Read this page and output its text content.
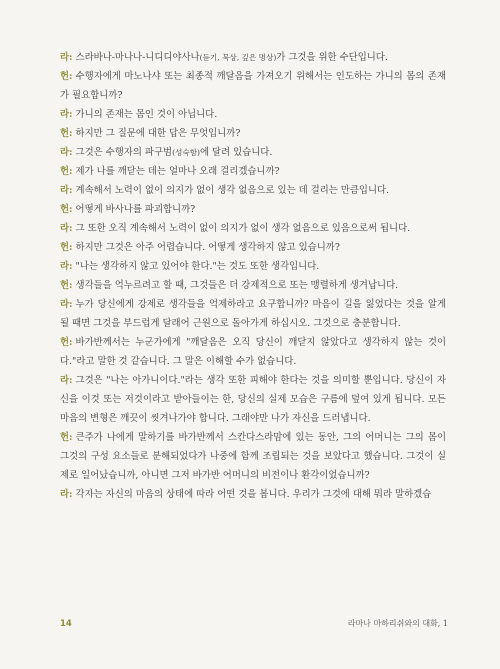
라: 스라바나-마나나-니디디야사나(듣기, 묵상, 깊은 명상)가 그것을 위한 수단입니다.

헌: 수행자에게 마노나샤 또는 최종적 깨달음을 가져오기 위해서는 인도하는 가니의 몸의 존재가 필요합니까?

라: 가니의 존재는 몸인 것이 아닙니다.

헌: 하지만 그 질문에 대한 답은 무엇입니까?

라: 그것은 수행자의 파구범(성숙함)에 달려 있습니다.

헌: 제가 나를 깨닫는 데는 얼마나 오래 걸리겠습니까?

라: 계속해서 노력이 없이 의지가 없이 생각 없음으로 있는 데 걸리는 만큼입니다.

헌: 어떻게 바사나를 파괴합니까?

라: 그 또한 오직 계속해서 노력이 없이 의지가 없이 생각 없음으로 있음으로써 됩니다.

헌: 하지만 그것은 아주 어렵습니다. 어떻게 생각하지 않고 있습니까?

라: "나는 생각하지 않고 있어야 한다."는 것도 또한 생각입니다.

헌: 생각들을 억누르려고 할 때, 그것들은 더 강제적으로 또는 맹렬하게 생겨납니다.

라: 누가 당신에게 강제로 생각들을 억제하라고 요구합니까? 마음이 길을 잃었다는 것을 알게 될 때면 그것을 부드럽게 달래어 근원으로 돌아가게 하십시오. 그것으로 충분합니다.

헌: 바가반께서는 누군가에게 "깨달음은 오직 당신이 깨닫지 않았다고 생각하지 않는 것이다."라고 말한 것 같습니다. 그 말은 이해할 수가 없습니다.

라: 그것은 "나는 아가니이다."라는 생각 또한 피해야 한다는 것을 의미할 뿐입니다. 당신이 자신을 이것 또는 저것이라고 받아들이는 한, 당신의 실제 모습은 구름에 덮여 있게 됩니다. 모든 마음의 변형은 깨끗이 씻겨나가야 합니다. 그래야만 나가 자신을 드러냅니다.

헌: 큰주가 나에게 말하기를 바가반께서 스칸다스라맘에 있는 동안, 그의 어머니는 그의 몸이 그것의 구성 요소들로 분해되었다가 나중에 함께 조립되는 것을 보았다고 했습니다. 그것이 실제로 일어났습니까, 아니면 그저 바가반 어머니의 비전이나 환각이었습니까?

라: 각자는 자신의 마음의 상태에 따라 어떤 것을 봅니다. 우리가 그것에 대해 뭐라 말하겠습

14	라마나 마하리쉬와의 대화, 1
